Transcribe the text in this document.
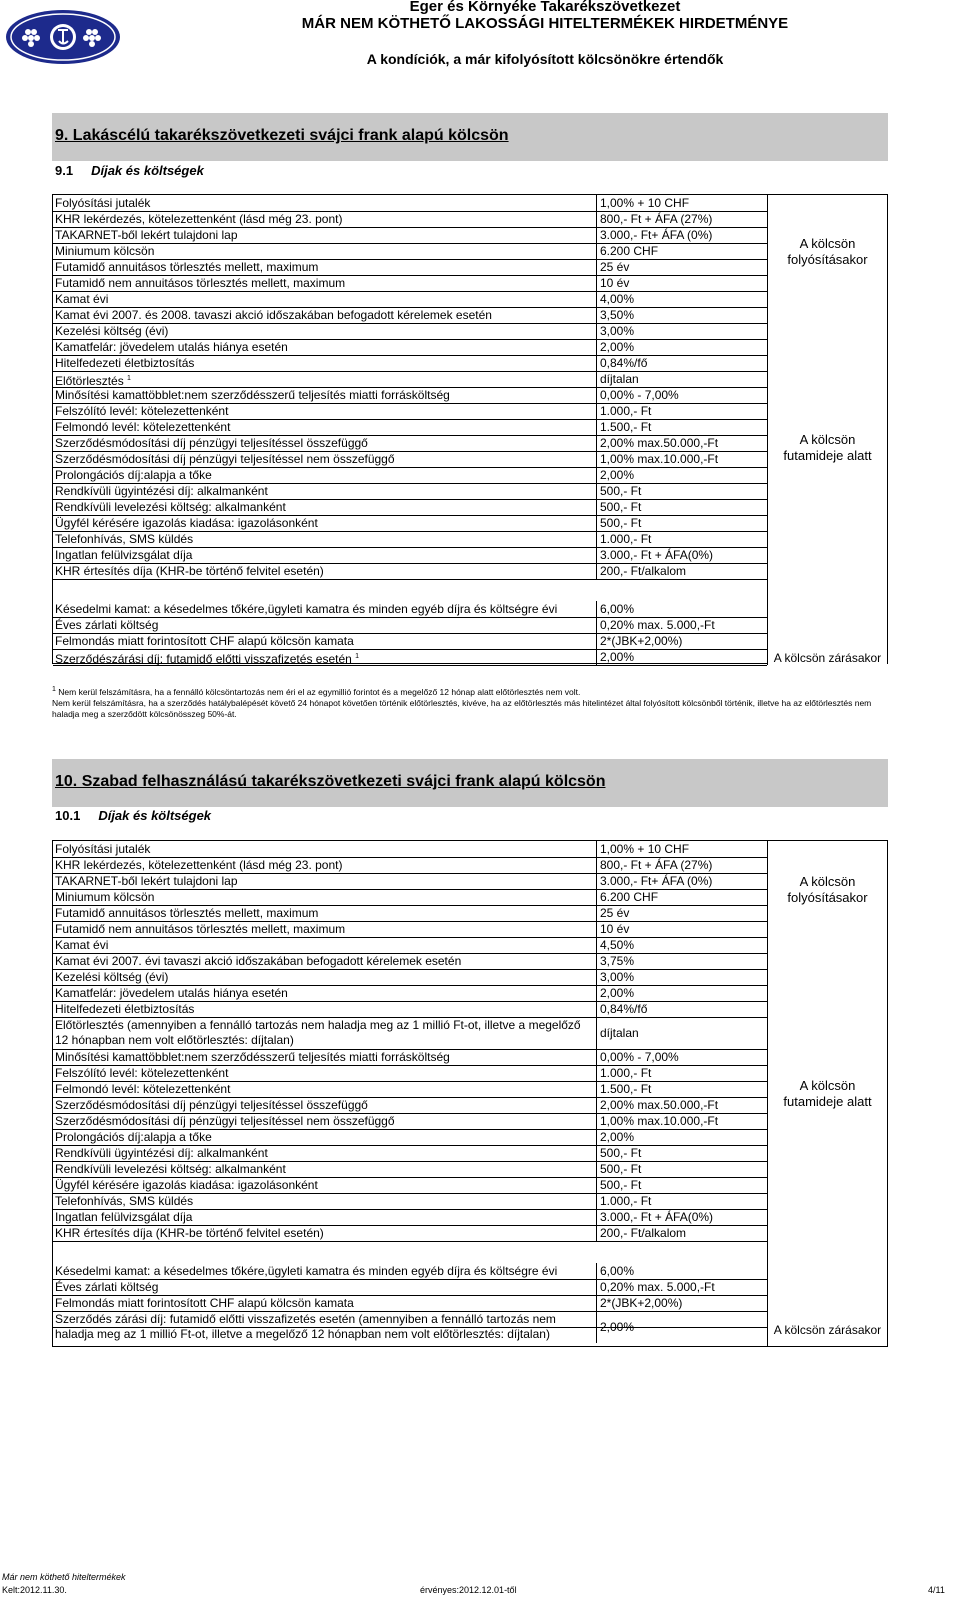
Eger és Környéke Takarékszövetkezet
MÁR NEM KÖTHETŐ LAKOSSÁGI HITELTERMÉKEK HIRDETMÉNYE
A kondíciók, a már kifolyósított kölcsönökre értendők
9. Lakáscélú takarékszövetkezeti svájci frank alapú kölcsön
9.1 Díjak és költségek
Folyósítási jutalék	1,00% + 10 CHF
KHR lekérdezés, kötelezettenként (lásd még 23. pont)	800,- Ft + ÁFA (27%)
TAKARNET-ből lekért tulajdoni lap	3.000,- Ft+ ÁFA (0%)
Miniumum kölcsön	6.200 CHF
Futamidő annuitásos törlesztés mellett, maximum	25 év
Futamidő nem annuitásos törlesztés mellett, maximum	10 év
Kamat évi	4,00%
Kamat évi 2007. és 2008. tavaszi akció időszakában befogadott kérelemek esetén	3,50%
Kezelési költség (évi)	3,00%
Kamatfelár: jövedelem utalás hiánya esetén	2,00%
Hitelfedezeti életbiztosítás	0,84%/fő
Előtörlesztés $^1$	díjtalan
Minősítési kamattöbblet:nem szerződésszerű teljesítés miatti forrásköltség	0,00% - 7,00%
Felszólító levél: kötelezettenként	1.000,- Ft
Felmondó levél: kötelezettenként	1.500,- Ft
Szerződésmódosítási díj pénzügyi teljesítéssel összefüggő	2,00% max.50.000,-Ft
Szerződésmódosítási díj pénzügyi teljesítéssel nem összefüggő	1,00% max.10.000,-Ft
Prolongációs díj:alapja a tőke	2,00%
Rendkívüli ügyintézési díj: alkalmanként	500,- Ft
Rendkívüli levelezési költség: alkalmanként	500,- Ft
Ügyfél kérésére igazolás kiadása: igazolásonként	500,- Ft
Telefonhívás, SMS küldés	1.000,- Ft
Ingatlan felülvizsgálat díja	3.000,- Ft + ÁFA(0%)
KHR értesítés díja (KHR-be történő felvitel esetén)	200,- Ft/alkalom
Késedelmi kamat: a késedelmes tőkére,ügyleti kamatra és minden egyéb díjra és költségre évi	6,00%
Éves zárlati költség	0,20% max. 5.000,-Ft
Felmondás miatt forintosított CHF alapú kölcsön kamata	2*(JBK+2,00%)
Szerződészárási díj: futamidő előtti visszafizetés esetén $^1$	2,00%
A kölcsön folyósításakor
A kölcsön futamideje alatt
A kölcsön zárásakor
$^1$ Nem kerül felszámításra, ha a fennálló kölcsöntartozás nem éri el az egymillió forintot és a megelőző 12 hónap alatt előtörlesztés nem volt.
Nem kerül felszámításra, ha a szerződés hatálybalépését követő 24 hónapot követően történik előtörlesztés, kivéve, ha az előtörlesztés más hitelintézet által folyósított kölcsönből történik, illetve ha az előtörlesztés nem haladja meg a szerződött kölcsönösszeg 50%-át.
10. Szabad felhasználású takarékszövetkezeti svájci frank alapú kölcsön
10.1 Díjak és költségek
Folyósítási jutalék	1,00% + 10 CHF
KHR lekérdezés, kötelezettenként (lásd még 23. pont)	800,- Ft + ÁFA (27%)
TAKARNET-ből lekért tulajdoni lap	3.000,- Ft+ ÁFA (0%)
Miniumum kölcsön	6.200 CHF
Futamidő annuitásos törlesztés mellett, maximum	25 év
Futamidő nem annuitásos törlesztés mellett, maximum	10 év
Kamat évi	4,50%
Kamat évi 2007. évi tavaszi akció időszakában befogadott kérelemek esetén	3,75%
Kezelési költség (évi)	3,00%
Kamatfelár: jövedelem utalás hiánya esetén	2,00%
Hitelfedezeti életbiztosítás	0,84%/fő
Előtörlesztés (amennyiben a fennálló tartozás nem haladja meg az 1 millió Ft-ot, illetve a megelőző 12 hónapban nem volt előtörlesztés: díjtalan)	díjtalan
Minősítési kamattöbblet:nem szerződésszerű teljesítés miatti forrásköltség	0,00% - 7,00%
Felszólító levél: kötelezettenként	1.000,- Ft
Felmondó levél: kötelezettenként	1.500,- Ft
Szerződésmódosítási díj pénzügyi teljesítéssel összefüggő	2,00% max.50.000,-Ft
Szerződésmódosítási díj pénzügyi teljesítéssel nem összefüggő	1,00% max.10.000,-Ft
Prolongációs díj:alapja a tőke	2,00%
Rendkívüli ügyintézési díj: alkalmanként	500,- Ft
Rendkívüli levelezési költség: alkalmanként	500,- Ft
Ügyfél kérésére igazolás kiadása: igazolásonként	500,- Ft
Telefonhívás, SMS küldés	1.000,- Ft
Ingatlan felülvizsgálat díja	3.000,- Ft + ÁFA(0%)
KHR értesítés díja (KHR-be történő felvitel esetén)	200,- Ft/alkalom
Késedelmi kamat: a késedelmes tőkére,ügyleti kamatra és minden egyéb díjra és költségre évi	6,00%
Éves zárlati költség	0,20% max. 5.000,-Ft
Felmondás miatt forintosított CHF alapú kölcsön kamata	2*(JBK+2,00%)
Szerződés zárási díj: futamidő előtti visszafizetés esetén (amennyiben a fennálló tartozás nem haladja meg az 1 millió Ft-ot, illetve a megelőző 12 hónapban nem volt előtörlesztés: díjtalan)	2,00%
A kölcsön folyósításakor
A kölcsön futamideje alatt
A kölcsön zárásakor
Már nem köthető hiteltermékek
Kelt:2012.11.30.	érvényes:2012.12.01-től	4/11
